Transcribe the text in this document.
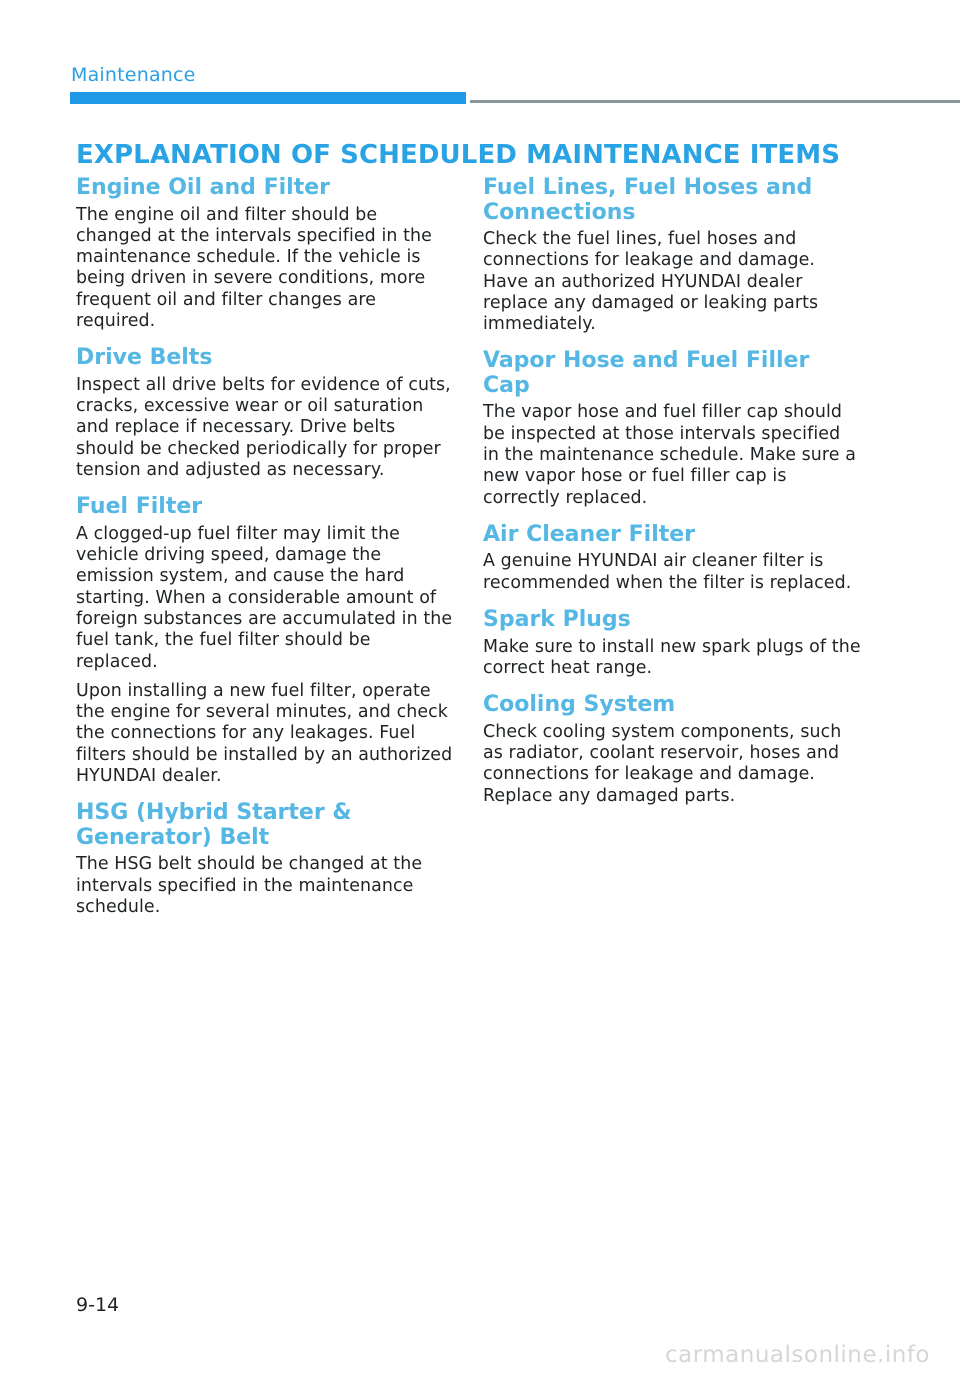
Maintenance
EXPLANATION OF SCHEDULED MAINTENANCE ITEMS
Engine Oil and Filter

The engine oil and filter should be changed at the intervals specified in the maintenance schedule. If the vehicle is being driven in severe conditions, more frequent oil and filter changes are required.

Drive Belts

Inspect all drive belts for evidence of cuts, cracks, excessive wear or oil saturation and replace if necessary. Drive belts should be checked periodically for proper tension and adjusted as necessary.

Fuel Filter

A clogged-up fuel filter may limit the vehicle driving speed, damage the emission system, and cause the hard starting. When a considerable amount of foreign substances are accumulated in the fuel tank, the fuel filter should be replaced.

Upon installing a new fuel filter, operate the engine for several minutes, and check the connections for any leakages. Fuel filters should be installed by an authorized HYUNDAI dealer.

HSG (Hybrid Starter & Generator) Belt

The HSG belt should be changed at the intervals specified in the maintenance schedule.

Fuel Lines, Fuel Hoses and Connections

Check the fuel lines, fuel hoses and connections for leakage and damage. Have an authorized HYUNDAI dealer replace any damaged or leaking parts immediately.

Vapor Hose and Fuel Filler Cap

The vapor hose and fuel filler cap should be inspected at those intervals specified in the maintenance schedule. Make sure a new vapor hose or fuel filler cap is correctly replaced.

Air Cleaner Filter

A genuine HYUNDAI air cleaner filter is recommended when the filter is replaced.

Spark Plugs

Make sure to install new spark plugs of the correct heat range.

Cooling System

Check cooling system components, such as radiator, coolant reservoir, hoses and connections for leakage and damage. Replace any damaged parts.

9-14
carmanualsonline.info
